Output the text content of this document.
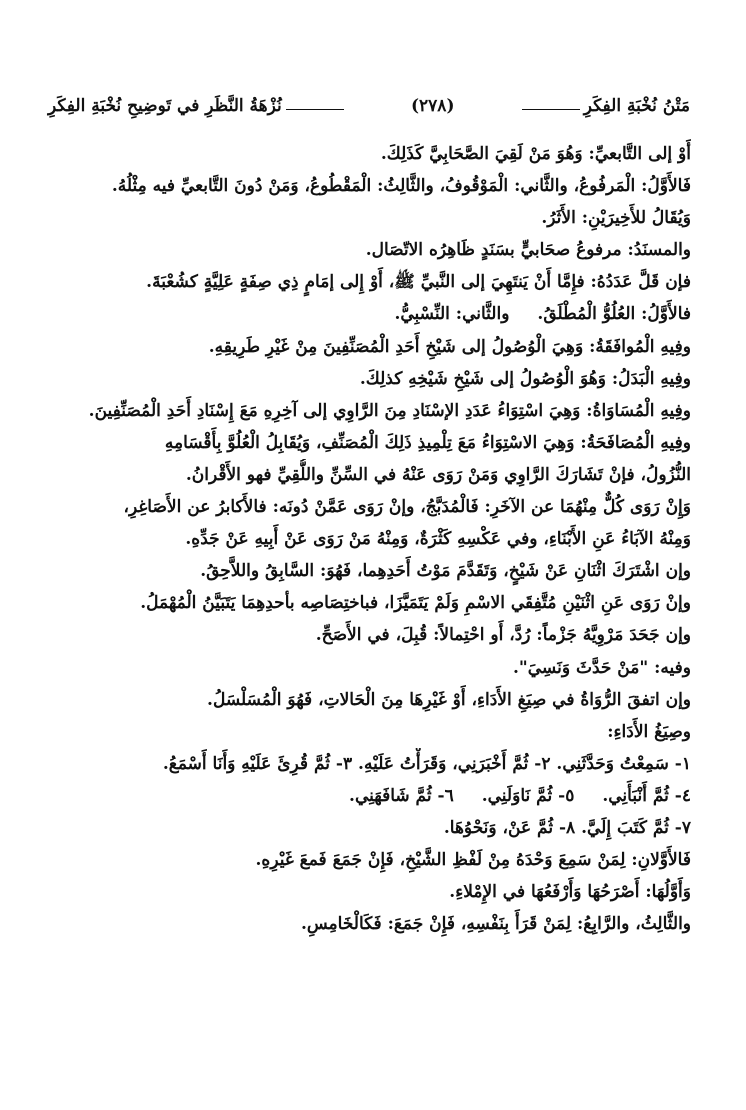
مَتْنُ نُخْبَةِ الفِكَرِ
(٢٧٨)
نُزْهَةُ النَّظَرِ في تَوضِيحِ نُخْبَةِ الفِكَرِ
أَوْ إلى التَّابعيِّ: وَهُوَ مَنْ لَقِيَ الصَّحَابِيَّ كَذَلِكَ.
فَالأَوَّلُ: الْمَرفُوعُ، والثَّاني: الْمَوْقُوفُ، والثَّالِثُ: الْمَقْطُوعُ، وَمَنْ دُونَ التَّابعيِّ فيه مِثْلُهُ.
وَيُقَالُ للأَخِيرَيْنِ: الأَثَرُ.
والمسنَدُ: مرفوعُ صحَابيٍّ بسَنَدٍ ظَاهِرُه الاتّصَال.
فإن قَلَّ عَدَدُهُ: فإِمَّا أَنْ يَنتَهِيَ إلى النَّبيِّ ﷺ، أَوْ إِلى إمَامٍ ذِي صِفَةٍ عَلِيَّةٍ كشُعْبَةَ.
فالأَوَّلُ: العُلُوُّ الْمُطْلَقُ.
والثَّاني: النِّسْبِيُّ.
وفِيهِ الْمُوافَقَةُ: وَهِيَ الْوُصُولُ إلى شَيْخِ أَحَدِ الْمُصَنِّفِينَ مِنْ غَيْرِ طَرِيقِهِ.
وفِيهِ الْبَدَلُ: وَهُوَ الْوُصُولُ إلى شَيْخِ شَيْخِهِ كذلِكَ.
وفِيهِ الْمُسَاوَاةُ: وَهِيَ اسْتِوَاءُ عَدَدِ الإسْنَادِ مِنَ الرَّاوِي إلى آخِرِهِ مَعَ إِسْنَادِ أَحَدِ الْمُصَنِّفِينَ.
وفِيهِ الْمُصَافَحَةُ: وَهِيَ الاسْتِوَاءُ مَعَ تِلْمِيذِ ذَلِكَ الْمُصَنِّفِ، وَيُقَابِلُ الْعُلُوَّ بِأَقْسَامِهِ
النُّزُولُ، فإنْ تَشَارَكَ الرَّاوِي وَمَنْ رَوَى عَنْهُ في السِّنِّ واللُّقِيِّ فهو الأَقْرانُ.
وَإِنْ رَوَى كُلٌّ مِنْهُمَا عن الآخَرِ: فَالْمُدَبَّجُ، وإنْ رَوَى عَمَّنْ دُونَه: فالأَكابرُ عن الأَصَاغِرِ،
وَمِنْهُ الآبَاءُ عَنِ الأَبْنَاءِ، وفي عَكْسِهِ كَثْرَةٌ، وَمِنْهُ مَنْ رَوَى عَنْ أَبِيهِ عَنْ جَدِّهِ.
وإن اشْتَرَكَ اثْنَانِ عَنْ شَيْخٍ، وَتَقَدَّمَ مَوْتُ أَحَدِهِما، فَهُوَ: السَّابِقُ واللاَّحِقُ.
وإنْ رَوَى عَنِ اثْنَيْنِ مُتَّفِقَي الاسْمِ وَلَمْ يَتَمَيَّزَا، فباختِصَاصِه بأحدِهِمَا يَتَبَيَّنُ الْمُهْمَلُ.
وإن جَحَدَ مَرْوِيَّهُ جَزْماً: رُدَّ، أَو احْتِمالاً: قُبِلَ، في الأَصَحِّ.
وفيه: "مَنْ حَدَّثَ وَنَسِيَ".
وإن اتفقَ الرُّوَاةُ في صِيَغِ الأَدَاءِ، أَوْ غَيْرِهَا مِنَ الْحَالاتِ، فَهُوَ الْمُسَلْسَلُ.
وصِيَغُ الأَدَاءِ:
١- سَمِعْتُ وَحَدَّثَنِي. ٢- ثُمَّ أَخْبَرَنِي، وَقَرَأْتُ عَلَيْهِ. ٣- ثُمَّ قُرِئَ عَلَيْهِ وَأَنَا أَسْمَعُ.
٤- ثُمَّ أَنْبَأَنِي.
٥- ثُمَّ نَاوَلَنِي.
٦- ثُمَّ شَافَهَنِي.
٧- ثُمَّ كَتَبَ إِلَيَّ. ٨- ثُمَّ عَنْ، وَنَحْوُهَا.
فَالأَوَّلانِ: لِمَنْ سَمِعَ وَحْدَهُ مِنْ لَفْظِ الشَّيْخِ، فَإِنْ جَمَعَ فَمعَ غَيْرِهِ.
وَأَوَّلُهَا: أَصْرَحُهَا وَأَرْفَعُهَا في الإِمْلاءِ.
والثَّالِثُ، والرَّابِعُ: لِمَنْ قَرَأَ بِنَفْسِهِ، فَإِنْ جَمَعَ: فَكَالْخَامِسِ.
